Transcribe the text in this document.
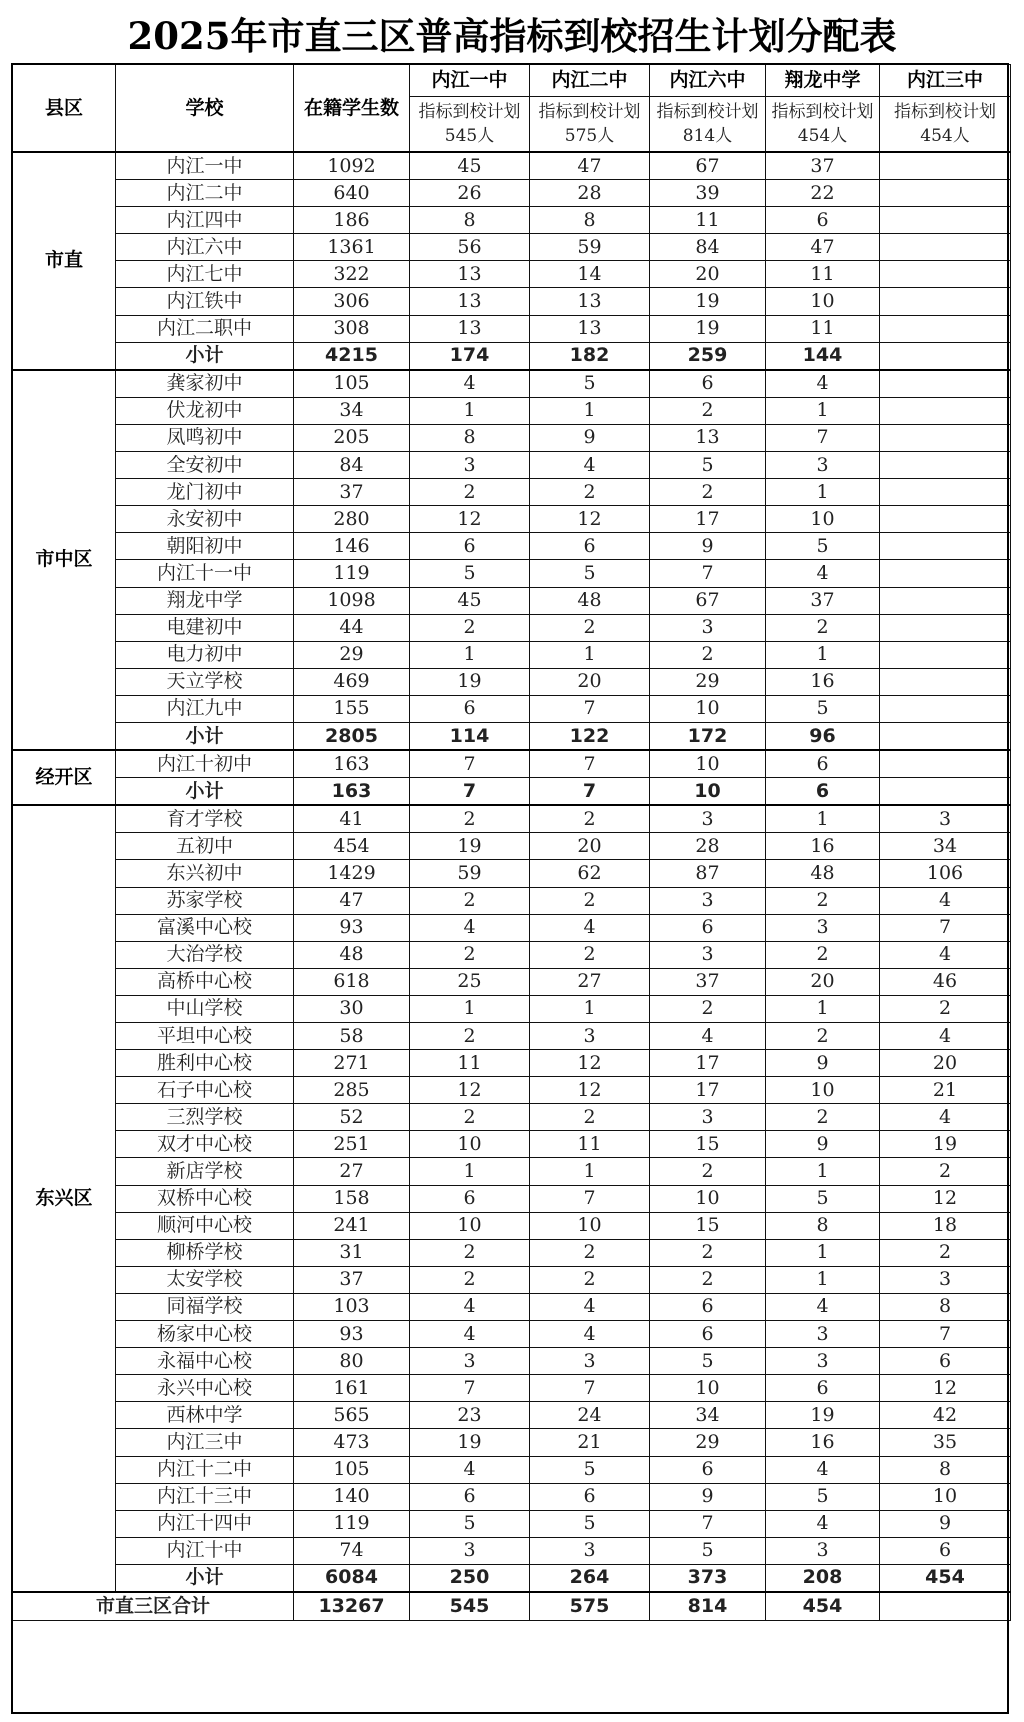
2025年市直三区普高指标到校招生计划分配表
县区	学校	在籍学生数	内江一中	内江二中	内江六中	翔龙中学	内江三中
			指标到校计划545人	指标到校计划575人	指标到校计划814人	指标到校计划454人	指标到校计划454人
市直	内江一中	1092	45	47	67	37	
	内江二中	640	26	28	39	22	
	内江四中	186	8	8	11	6	
	内江六中	1361	56	59	84	47	
	内江七中	322	13	14	20	11	
	内江铁中	306	13	13	19	10	
	内江二职中	308	13	13	19	11	
	小计	4215	174	182	259	144	
市中区	龚家初中	105	4	5	6	4	
	伏龙初中	34	1	1	2	1	
	凤鸣初中	205	8	9	13	7	
	全安初中	84	3	4	5	3	
	龙门初中	37	2	2	2	1	
	永安初中	280	12	12	17	10	
	朝阳初中	146	6	6	9	5	
	内江十一中	119	5	5	7	4	
	翔龙中学	1098	45	48	67	37	
	电建初中	44	2	2	3	2	
	电力初中	29	1	1	2	1	
	天立学校	469	19	20	29	16	
	内江九中	155	6	7	10	5	
	小计	2805	114	122	172	96	
经开区	内江十初中	163	7	7	10	6	
	小计	163	7	7	10	6	
东兴区	育才学校	41	2	2	3	1	3
	五初中	454	19	20	28	16	34
	东兴初中	1429	59	62	87	48	106
	苏家学校	47	2	2	3	2	4
	富溪中心校	93	4	4	6	3	7
	大治学校	48	2	2	3	2	4
	高桥中心校	618	25	27	37	20	46
	中山学校	30	1	1	2	1	2
	平坦中心校	58	2	3	4	2	4
	胜利中心校	271	11	12	17	9	20
	石子中心校	285	12	12	17	10	21
	三烈学校	52	2	2	3	2	4
	双才中心校	251	10	11	15	9	19
	新店学校	27	1	1	2	1	2
	双桥中心校	158	6	7	10	5	12
	顺河中心校	241	10	10	15	8	18
	柳桥学校	31	2	2	2	1	2
	太安学校	37	2	2	2	1	3
	同福学校	103	4	4	6	4	8
	杨家中心校	93	4	4	6	3	7
	永福中心校	80	3	3	5	3	6
	永兴中心校	161	7	7	10	6	12
	西林中学	565	23	24	34	19	42
	内江三中	473	19	21	29	16	35
	内江十二中	105	4	5	6	4	8
	内江十三中	140	6	6	9	5	10
	内江十四中	119	5	5	7	4	9
	内江十中	74	3	3	5	3	6
	小计	6084	250	264	373	208	454
市直三区合计		13267	545	575	814	454	
